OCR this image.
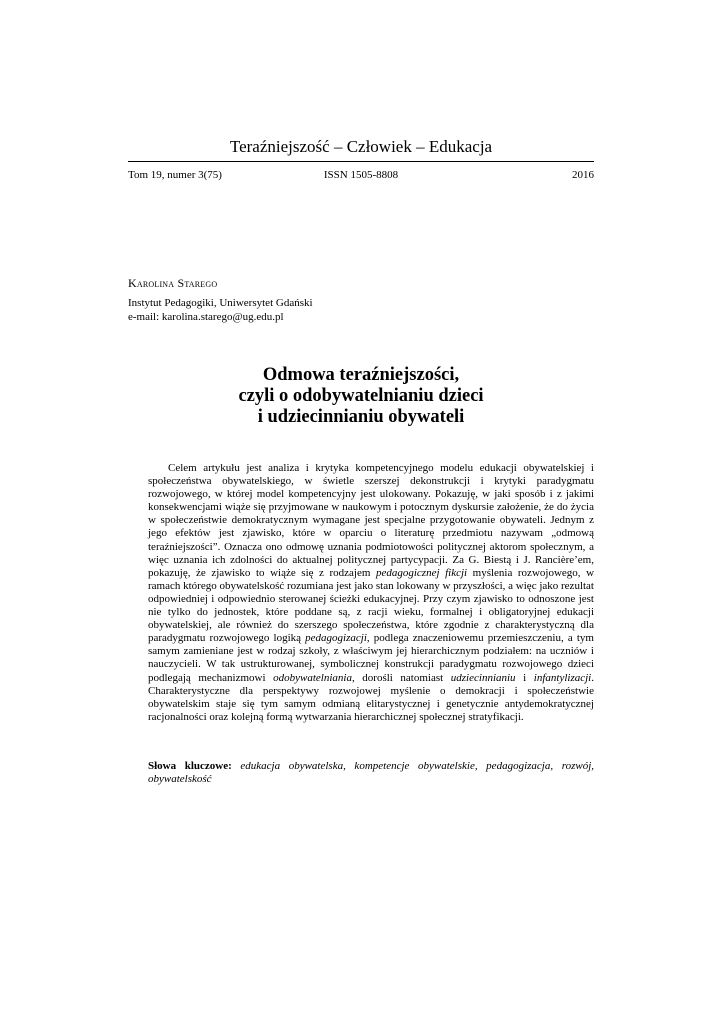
Teraźniejszość – Człowiek – Edukacja
Tom 19, numer 3(75)	ISSN 1505-8808	2016
Karolina Starego
Instytut Pedagogiki, Uniwersytet Gdański
e-mail: karolina.starego@ug.edu.pl
Odmowa teraźniejszości,
czyli o odobywatelnianiu dzieci
i udziecinnianiu obywateli
Celem artykułu jest analiza i krytyka kompetencyjnego modelu edukacji obywatelskiej i społeczeństwa obywatelskiego, w świetle szerszej dekonstrukcji i krytyki paradygmatu rozwojowego, w której model kompetencyjny jest ulokowany. Pokazuję, w jaki sposób i z jakimi konsekwencjami wiąże się przyjmowane w naukowym i potocznym dyskursie założenie, że do życia w społeczeństwie demokratycznym wymagane jest specjalne przygotowanie obywateli. Jednym z jego efektów jest zjawisko, które w oparciu o literaturę przedmiotu nazywam „odmową teraźniejszości”. Oznacza ono odmowę uznania podmiotowości politycznej aktorom społecznym, a więc uznania ich zdolności do aktualnej politycznej partycypacji. Za G. Biestą i J. Rancière’em, pokazuję, że zjawisko to wiąże się z rodzajem pedagogicznej fikcji myślenia rozwojowego, w ramach którego obywatelskość rozumiana jest jako stan lokowany w przyszłości, a więc jako rezultat odpowiedniej i odpowiednio sterowanej ścieżki edukacyjnej. Przy czym zjawisko to odnoszone jest nie tylko do jednostek, które poddane są, z racji wieku, formalnej i obligatoryjnej edukacji obywatelskiej, ale również do szerszego społeczeństwa, które zgodnie z charakterystyczną dla paradygmatu rozwojowego logiką pedagogizacji, podlega znaczeniowemu przemieszczeniu, a tym samym zamieniane jest w rodzaj szkoły, z właściwym jej hierarchicznym podziałem: na uczniów i nauczycieli. W tak ustrukturowanej, symbolicznej konstrukcji paradygmatu rozwojowego dzieci podlegają mechanizmowi odobywatelniania, dorośli natomiast udziecinnianiu i infantylizacji. Charakterystyczne dla perspektywy rozwojowej myślenie o demokracji i społeczeństwie obywatelskim staje się tym samym odmianą elitarystycznej i genetycznie antydemokratycznej racjonalności oraz kolejną formą wytwarzania hierarchicznej społecznej stratyfikacji.
Słowa kluczowe: edukacja obywatelska, kompetencje obywatelskie, pedagogizacja, rozwój, obywatelskość
